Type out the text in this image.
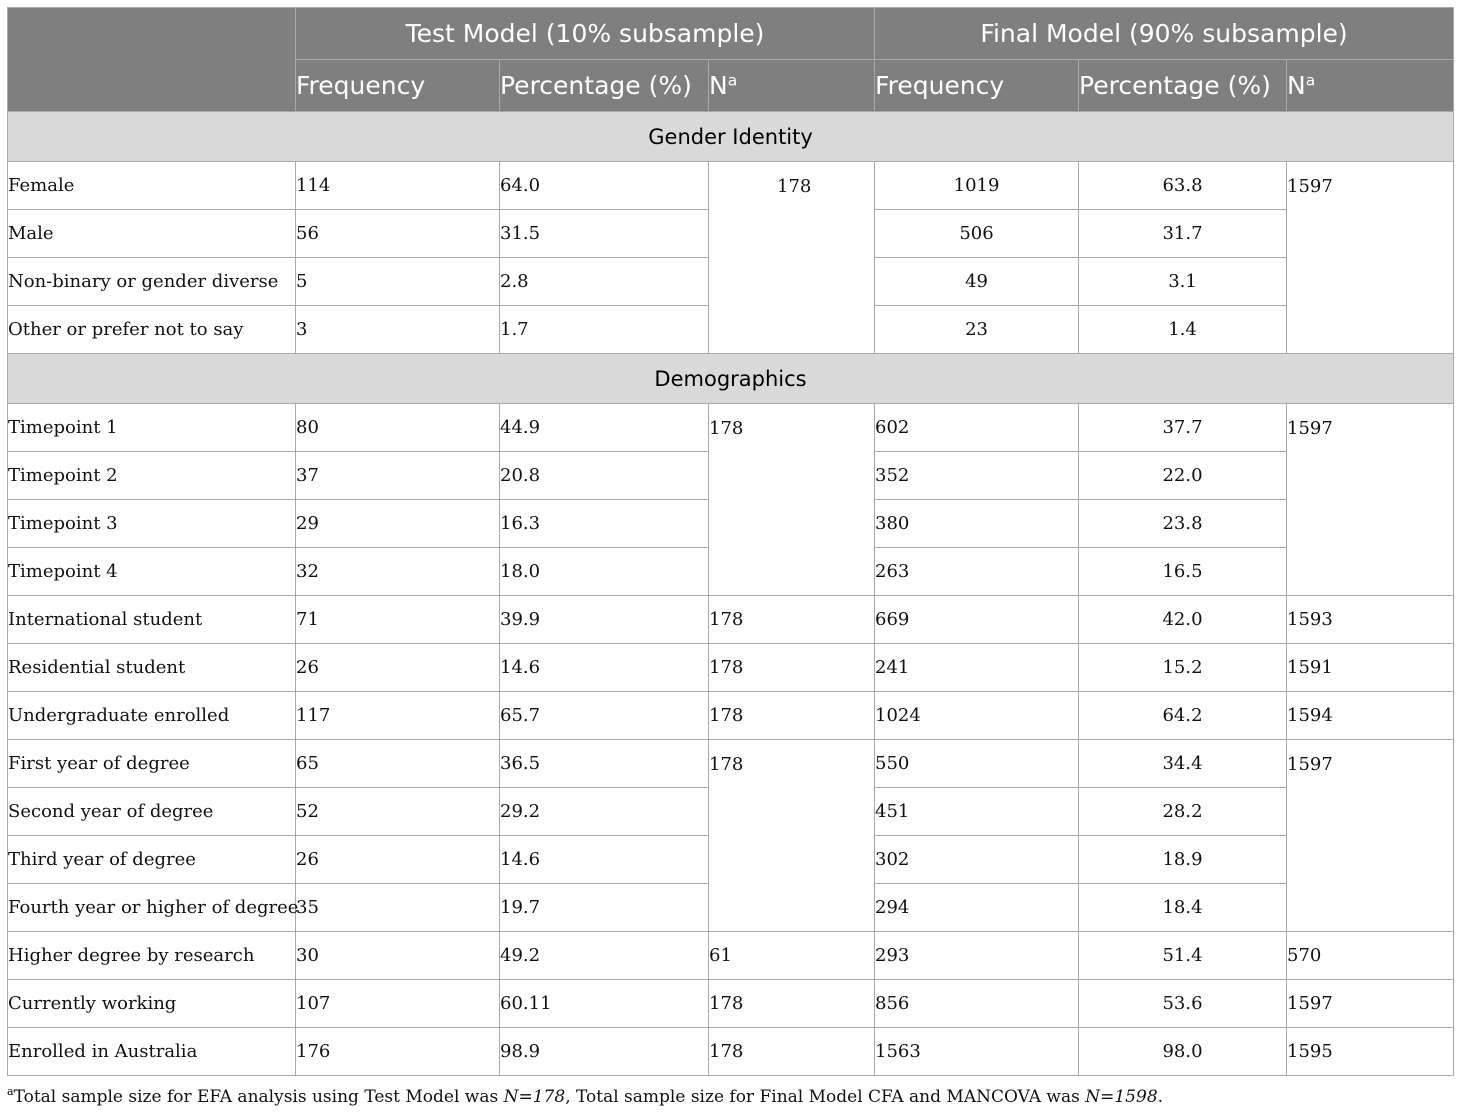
	Test Model (10% subsample)			Final Model (90% subsample)		
	Frequency	Percentage (%)	$N^a$	Frequency	Percentage (%)	$N^a$
Gender Identity						
Female	114	64.0	178	1019	63.8	1597
Male	56	31.5		506	31.7	
Non-binary or gender diverse	5	2.8		49	3.1	
Other or prefer not to say	3	1.7		23	1.4	
Demographics						
Timepoint 1	80	44.9	178	602	37.7	1597
Timepoint 2	37	20.8		352	22.0	
Timepoint 3	29	16.3		380	23.8	
Timepoint 4	32	18.0		263	16.5	
International student	71	39.9	178	669	42.0	1593
Residential student	26	14.6	178	241	15.2	1591
Undergraduate enrolled	117	65.7	178	1024	64.2	1594
First year of degree	65	36.5	178	550	34.4	1597
Second year of degree	52	29.2		451	28.2	
Third year of degree	26	14.6		302	18.9	
Fourth year or higher of degree	35	19.7		294	18.4	
Higher degree by research	30	49.2	61	293	51.4	570
Currently working	107	60.11	178	856	53.6	1597
Enrolled in Australia	176	98.9	178	1563	98.0	1595
$^a$Total sample size for EFA analysis using Test Model was N=178, Total sample size for Final Model CFA and MANCOVA was N=1598.
